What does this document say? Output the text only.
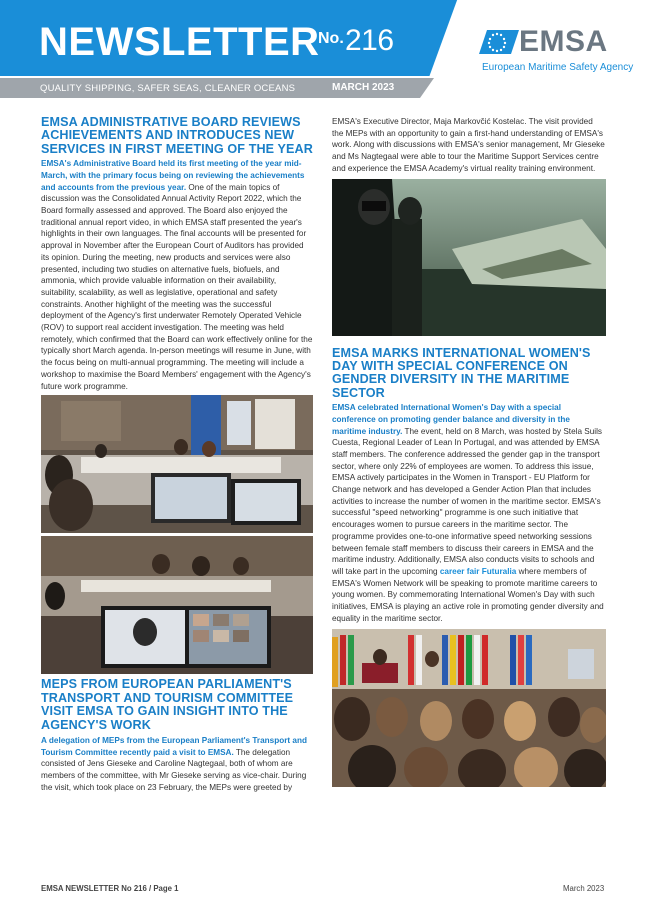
NEWSLETTER
No. 216	EMSA
European Maritime Safety Agency
QUALITY SHIPPING, SAFER SEAS, CLEANER OCEANS	MARCH 2023
EMSA ADMINISTRATIVE BOARD REVIEWS ACHIEVEMENTS AND INTRODUCES NEW SERVICES IN FIRST MEETING OF THE YEAR

EMSA's Administrative Board held its first meeting of the year mid-March, with the primary focus being on reviewing the achievements and accounts from the previous year. One of the main topics of discussion was the Consolidated Annual Activity Report 2022, which the Board formally assessed and approved. The Board also enjoyed the traditional annual report video, in which EMSA staff presented the year's highlights in their own languages. The final accounts will be presented for approval in November after the European Court of Auditors has provided its opinion. During the meeting, new products and services were also presented, including two studies on alternative fuels, biofuels, and ammonia, which provide valuable information on their availability, suitability, scalability, as well as legislative, operational and safety constraints. Another highlight of the meeting was the successful deployment of the Agency's first underwater Remotely Operated Vehicle (ROV) to support real accident investigation. The meeting was held remotely, which confirmed that the Board can work effectively online for the typically short March agenda. In-person meetings will resume in June, with the focus being on multi-annual programming. The meeting will include a workshop to maximise the Board Members' engagement with the Agency's future work programme.

MEPS FROM EUROPEAN PARLIAMENT'S TRANSPORT AND TOURISM COMMITTEE VISIT EMSA TO GAIN INSIGHT INTO THE AGENCY'S WORK

A delegation of MEPs from the European Parliament's Transport and Tourism Committee recently paid a visit to EMSA. The delegation consisted of Jens Gieseke and Caroline Nagtegaal, both of whom are members of the committee, with Mr Gieseke serving as vice-chair. During the visit, which took place on 23 February, the MEPs were greeted by

EMSA's Executive Director, Maja Markovčić Kostelac. The visit provided the MEPs with an opportunity to gain a first-hand understanding of EMSA's work. Along with discussions with EMSA's senior management, Mr Gieseke and Ms Nagtegaal were able to tour the Maritime Support Services centre and experience the EMSA Academy's virtual reality training environment.

EMSA MARKS INTERNATIONAL WOMEN'S DAY WITH SPECIAL CONFERENCE ON GENDER DIVERSITY IN THE MARITIME SECTOR

EMSA celebrated International Women's Day with a special conference on promoting gender balance and diversity in the maritime industry. The event, held on 8 March, was hosted by Stela Suils Cuesta, Regional Leader of Lean In Portugal, and was attended by EMSA staff members. The conference addressed the gender gap in the transport sector, where only 22% of employees are women. To address this issue, EMSA actively participates in the Women in Transport - EU Platform for Change network and has developed a Gender Action Plan that includes activities to increase the number of women in the maritime sector. EMSA's successful "speed networking" programme is one such initiative that encourages women to pursue careers in the maritime sector. The programme provides one-to-one informative speed networking sessions between female staff members to discuss their careers in EMSA and the maritime industry. Additionally, EMSA also conducts visits to schools and will take part in the upcoming career fair Futuralia where members of EMSA's Women Network will be speaking to promote maritime careers to young women. By commemorating International Women's Day with such initiatives, EMSA is playing an active role in promoting gender diversity and equality in the maritime sector.

EMSA NEWSLETTER No 216 / Page 1	March 2023
